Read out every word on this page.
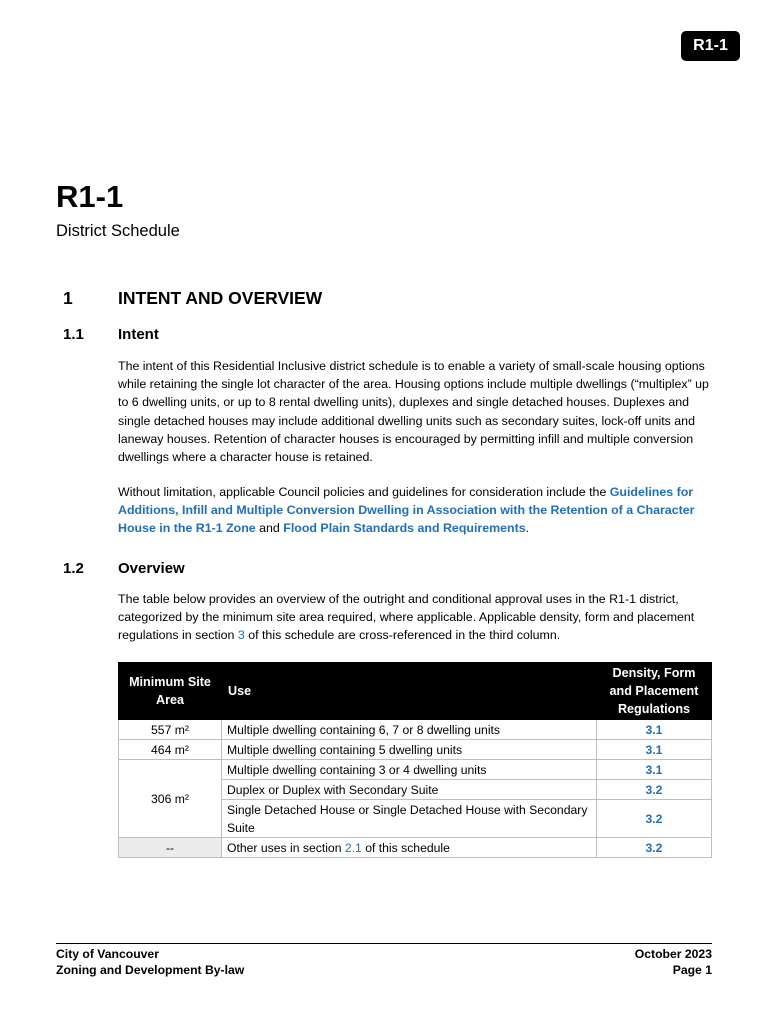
R1-1
R1-1
District Schedule
1	INTENT AND OVERVIEW
1.1 Intent

The intent of this Residential Inclusive district schedule is to enable a variety of small-scale housing options while retaining the single lot character of the area. Housing options include multiple dwellings (“multiplex” up to 6 dwelling units, or up to 8 rental dwelling units), duplexes and single detached houses. Duplexes and single detached houses may include additional dwelling units such as secondary suites, lock-off units and laneway houses. Retention of character houses is encouraged by permitting infill and multiple conversion dwellings where a character house is retained.

Without limitation, applicable Council policies and guidelines for consideration include the Guidelines for Additions, Infill and Multiple Conversion Dwelling in Association with the Retention of a Character House in the R1-1 Zone and Flood Plain Standards and Requirements.

1.2 Overview

The table below provides an overview of the outright and conditional approval uses in the R1-1 district, categorized by the minimum site area required, where applicable. Applicable density, form and placement regulations in section 3 of this schedule are cross-referenced in the third column.

Minimum Site Area	Use	Density, Form and Placement Regulations
557 m²	Multiple dwelling containing 6, 7 or 8 dwelling units	3.1
464 m²	Multiple dwelling containing 5 dwelling units	3.1
306 m²	Multiple dwelling containing 3 or 4 dwelling units	3.1
	Duplex or Duplex with Secondary Suite	3.2
	Single Detached House or Single Detached House with Secondary Suite	3.2
--	Other uses in section 2.1 of this schedule	3.2
City of Vancouver
Zoning and Development By-law
October 2023
Page 1
